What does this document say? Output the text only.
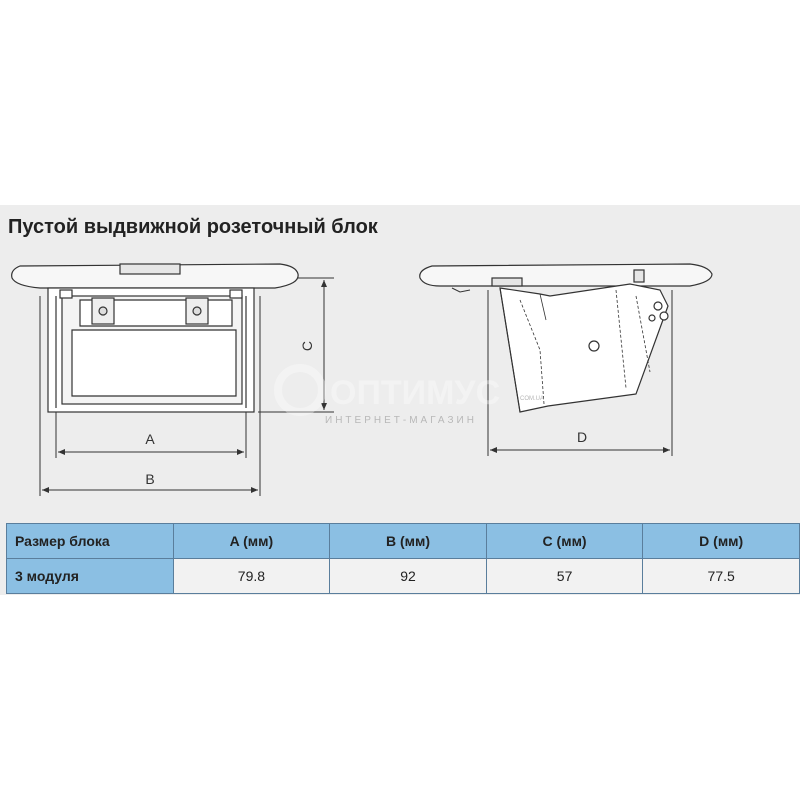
Пустой выдвижной розеточный блок
A
B
C
D
ОПТИМУС	COM.UA
ИНТЕРНЕТ-МАГАЗИН
Размер блока	A (мм)	B (мм)	C (мм)	D (мм)
3 модуля	79.8	92	57	77.5
